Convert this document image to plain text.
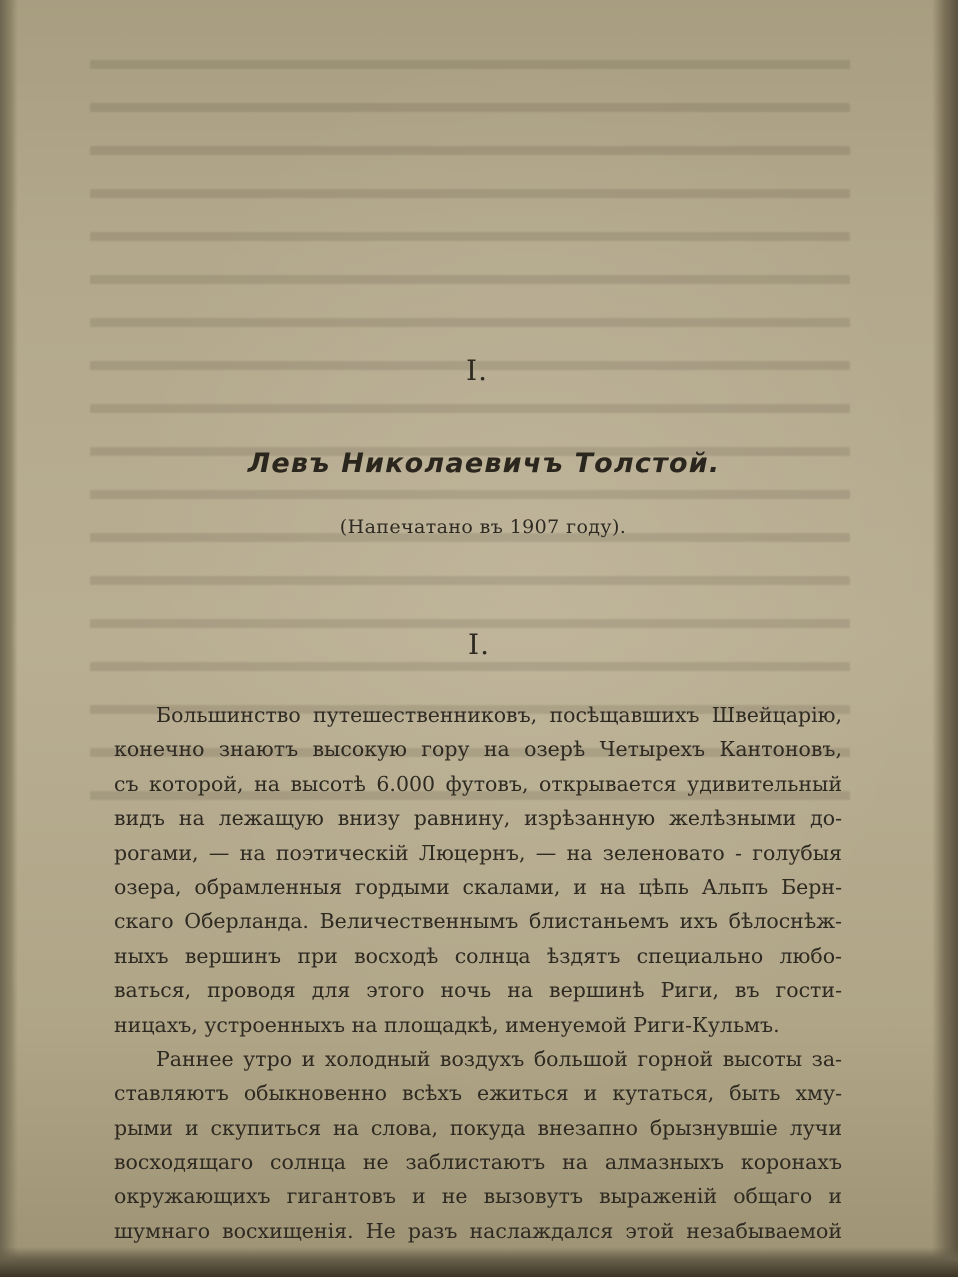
I.
Левъ Николаевичъ Толстой.
(Напечатано въ 1907 году).
I.
Большинство путешественниковъ, посѣщавшихъ Швейцарію,
конечно знаютъ высокую гору на озерѣ Четырехъ Кантоновъ,
съ которой, на высотѣ 6.000 футовъ, открывается удивительный
видъ на лежащую внизу равнину, изрѣзанную желѣзными до-
рогами, — на поэтическій Люцернъ, — на зеленовато - голубыя
озера, обрамленныя гордыми скалами, и на цѣпь Альпъ Берн-
скаго Оберланда. Величественнымъ блистаньемъ ихъ бѣлоснѣж-
ныхъ вершинъ при восходѣ солнца ѣздятъ специально любо-
ваться, проводя для этого ночь на вершинѣ Риги, въ гости-
ницахъ, устроенныхъ на площадкѣ, именуемой Риги-Кульмъ.
Раннее утро и холодный воздухъ большой горной высоты за-
ставляютъ обыкновенно всѣхъ ежиться и кутаться, быть хму-
рыми и скупиться на слова, покуда внезапно брызнувшіе лучи
восходящаго солнца не заблистаютъ на алмазныхъ коронахъ
окружающихъ гигантовъ и не вызовутъ выраженій общаго и
шумнаго восхищенія. Не разъ наслаждался этой незабываемой
